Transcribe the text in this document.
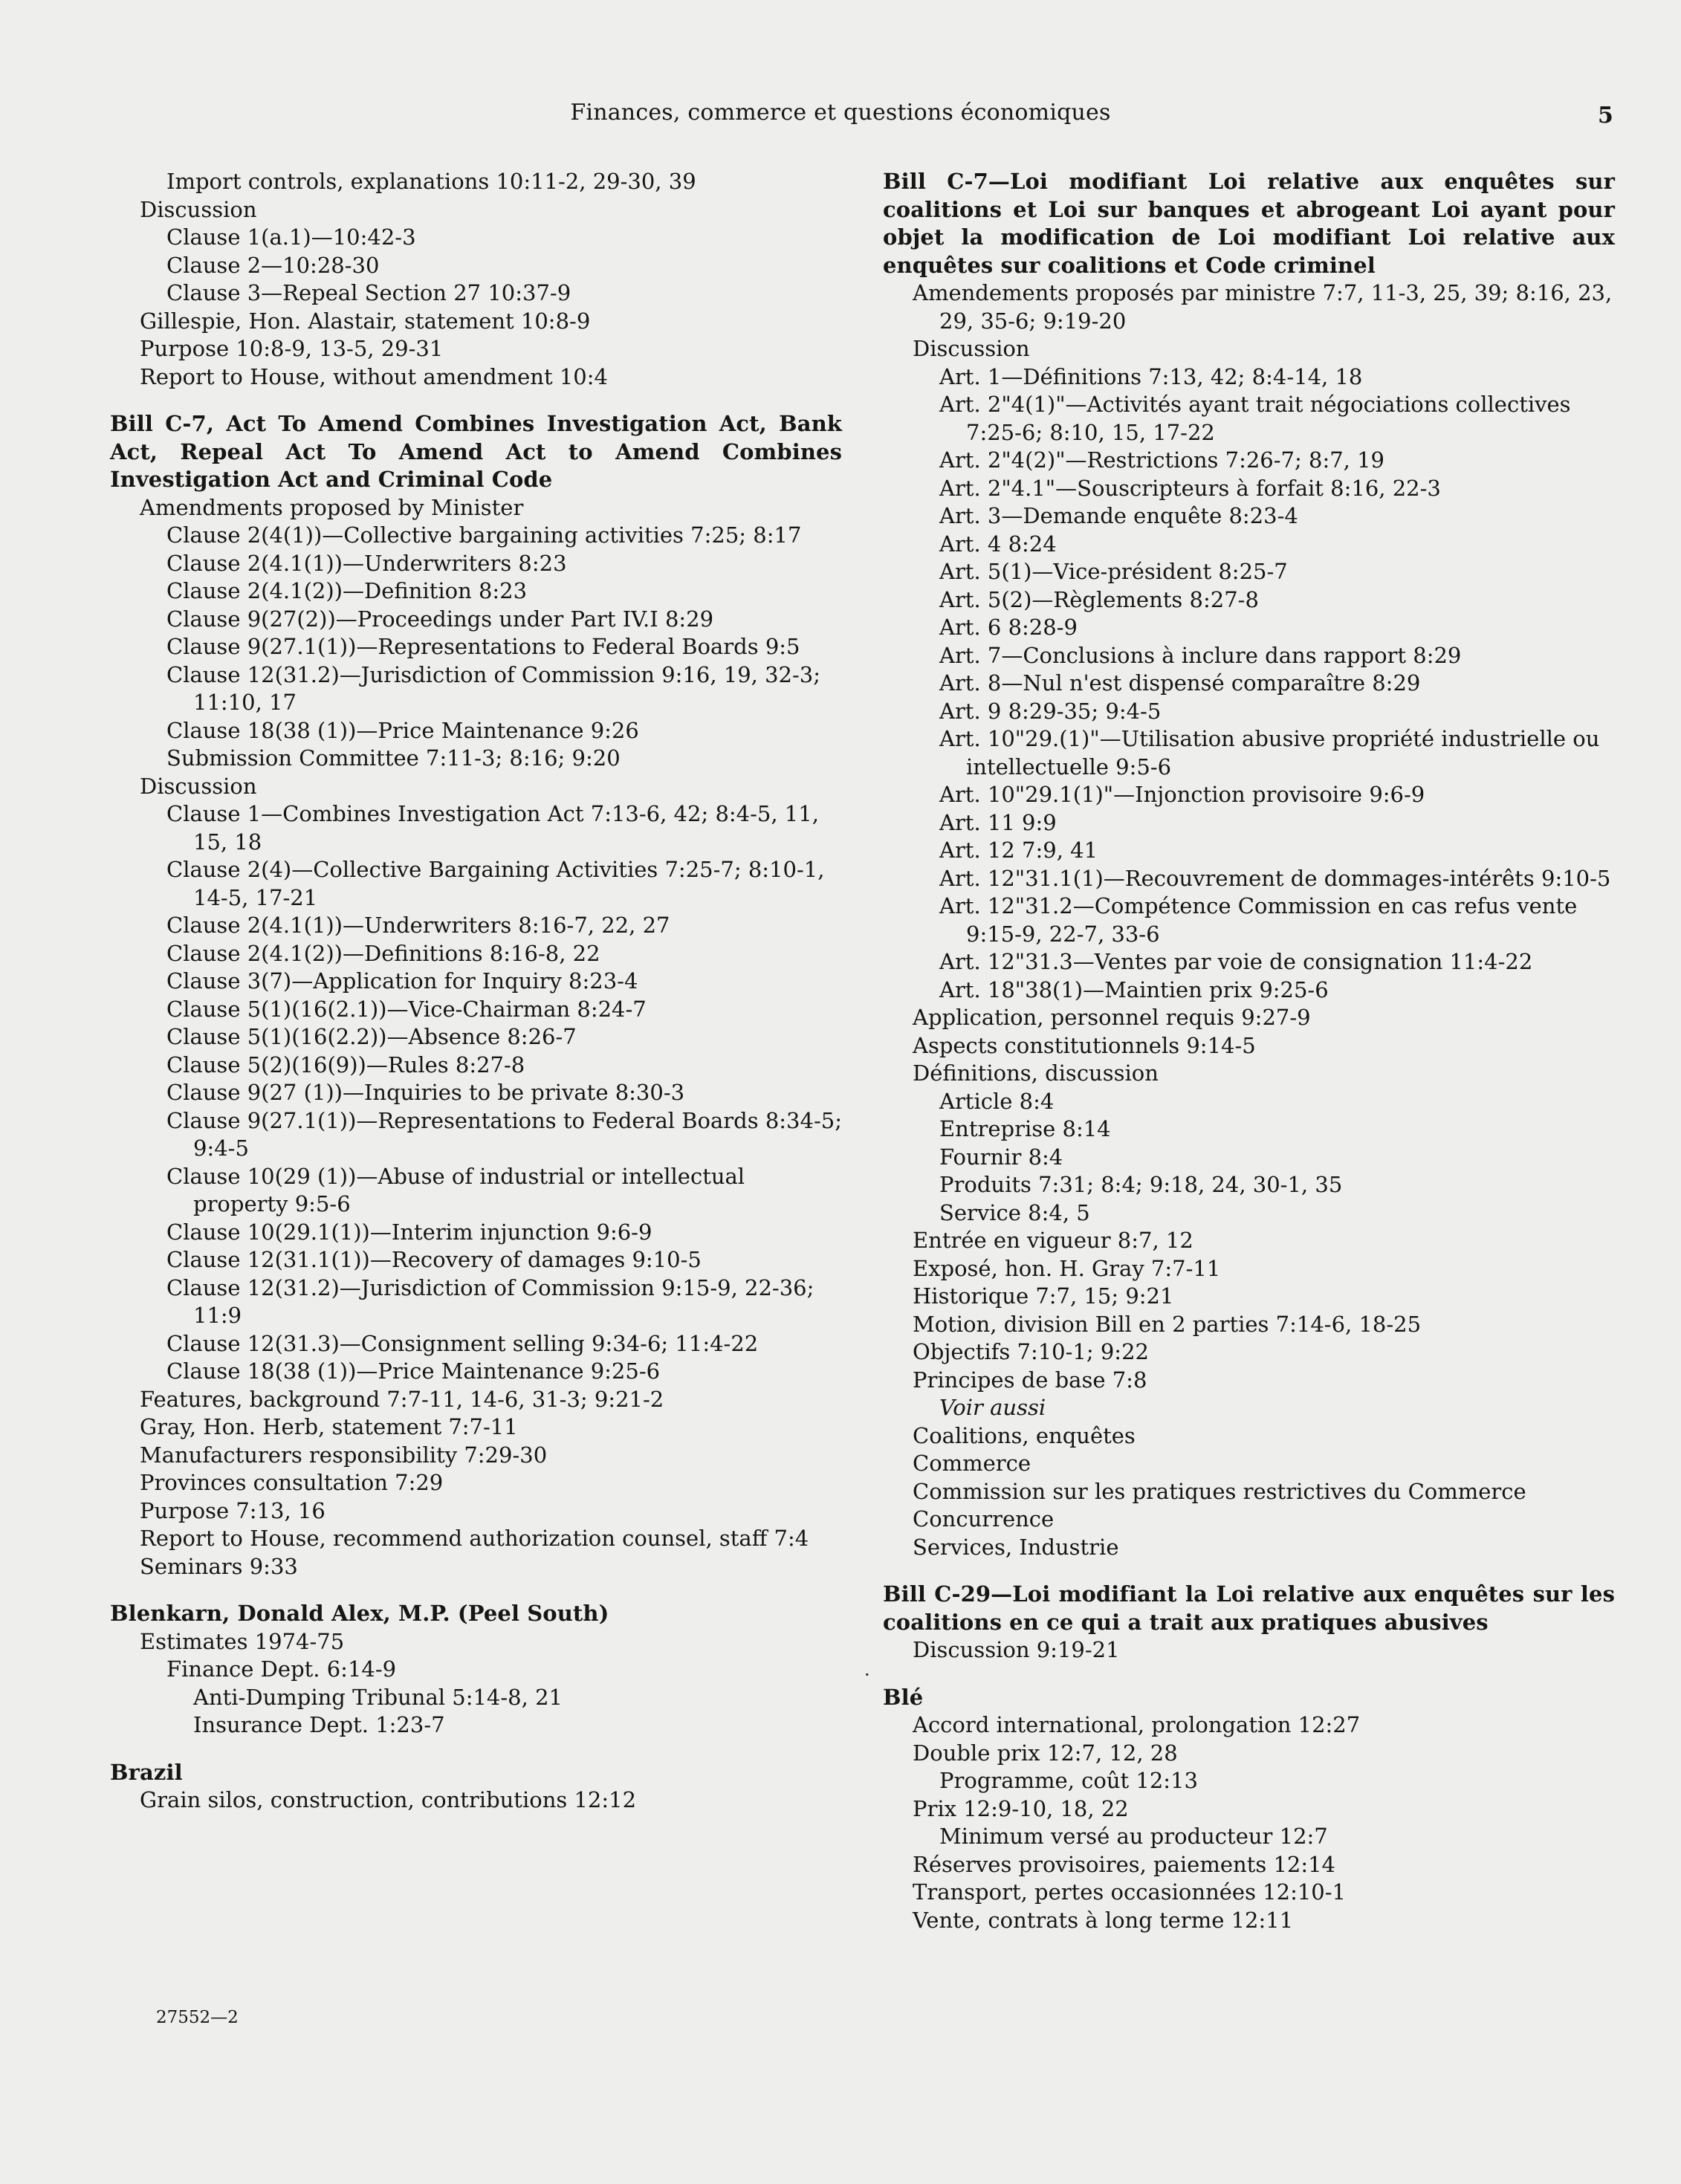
Finances, commerce et questions économiques	5
Import controls, explanations 10:11-2, 29-30, 39
Discussion
Clause 1(a.1)—10:42-3
Clause 2—10:28-30
Clause 3—Repeal Section 27 10:37-9
Gillespie, Hon. Alastair, statement 10:8-9
Purpose 10:8-9, 13-5, 29-31
Report to House, without amendment 10:4
Bill C-7, Act To Amend Combines Investigation Act, Bank Act, Repeal Act To Amend Act to Amend Combines Investigation Act and Criminal Code
Amendments proposed by Minister
Clause 2(4(1))—Collective bargaining activities 7:25; 8:17
Clause 2(4.1(1))—Underwriters 8:23
Clause 2(4.1(2))—Definition 8:23
Clause 9(27(2))—Proceedings under Part IV.I 8:29
Clause 9(27.1(1))—Representations to Federal Boards 9:5
Clause 12(31.2)—Jurisdiction of Commission 9:16, 19, 32-3; 11:10, 17
Clause 18(38 (1))—Price Maintenance 9:26
Submission Committee 7:11-3; 8:16; 9:20
Discussion
Clause 1—Combines Investigation Act 7:13-6, 42; 8:4-5, 11, 15, 18
Clause 2(4)—Collective Bargaining Activities 7:25-7; 8:10-1, 14-5, 17-21
Clause 2(4.1(1))—Underwriters 8:16-7, 22, 27
Clause 2(4.1(2))—Definitions 8:16-8, 22
Clause 3(7)—Application for Inquiry 8:23-4
Clause 5(1)(16(2.1))—Vice-Chairman 8:24-7
Clause 5(1)(16(2.2))—Absence 8:26-7
Clause 5(2)(16(9))—Rules 8:27-8
Clause 9(27 (1))—Inquiries to be private 8:30-3
Clause 9(27.1(1))—Representations to Federal Boards 8:34-5; 9:4-5
Clause 10(29 (1))—Abuse of industrial or intellectual property 9:5-6
Clause 10(29.1(1))—Interim injunction 9:6-9
Clause 12(31.1(1))—Recovery of damages 9:10-5
Clause 12(31.2)—Jurisdiction of Commission 9:15-9, 22-36; 11:9
Clause 12(31.3)—Consignment selling 9:34-6; 11:4-22
Clause 18(38 (1))—Price Maintenance 9:25-6
Features, background 7:7-11, 14-6, 31-3; 9:21-2
Gray, Hon. Herb, statement 7:7-11
Manufacturers responsibility 7:29-30
Provinces consultation 7:29
Purpose 7:13, 16
Report to House, recommend authorization counsel, staff 7:4
Seminars 9:33
Blenkarn, Donald Alex, M.P. (Peel South)
Estimates 1974-75
Finance Dept. 6:14-9
Anti-Dumping Tribunal 5:14-8, 21
Insurance Dept. 1:23-7
Brazil
Grain silos, construction, contributions 12:12
Bill C-7—Loi modifiant Loi relative aux enquêtes sur coalitions et Loi sur banques et abrogeant Loi ayant pour objet la modification de Loi modifiant Loi relative aux enquêtes sur coalitions et Code criminel
Amendements proposés par ministre 7:7, 11-3, 25, 39; 8:16, 23, 29, 35-6; 9:19-20
Discussion
Art. 1—Définitions 7:13, 42; 8:4-14, 18
Art. 2"4(1)"—Activités ayant trait négociations collectives 7:25-6; 8:10, 15, 17-22
Art. 2"4(2)"—Restrictions 7:26-7; 8:7, 19
Art. 2"4.1"—Souscripteurs à forfait 8:16, 22-3
Art. 3—Demande enquête 8:23-4
Art. 4 8:24
Art. 5(1)—Vice-président 8:25-7
Art. 5(2)—Règlements 8:27-8
Art. 6 8:28-9
Art. 7—Conclusions à inclure dans rapport 8:29
Art. 8—Nul n'est dispensé comparaître 8:29
Art. 9 8:29-35; 9:4-5
Art. 10"29.(1)"—Utilisation abusive propriété industrielle ou intellectuelle 9:5-6
Art. 10"29.1(1)"—Injonction provisoire 9:6-9
Art. 11 9:9
Art. 12 7:9, 41
Art. 12"31.1(1)—Recouvrement de dommages-intérêts 9:10-5
Art. 12"31.2—Compétence Commission en cas refus vente 9:15-9, 22-7, 33-6
Art. 12"31.3—Ventes par voie de consignation 11:4-22
Art. 18"38(1)—Maintien prix 9:25-6
Application, personnel requis 9:27-9
Aspects constitutionnels 9:14-5
Définitions, discussion
Article 8:4
Entreprise 8:14
Fournir 8:4
Produits 7:31; 8:4; 9:18, 24, 30-1, 35
Service 8:4, 5
Entrée en vigueur 8:7, 12
Exposé, hon. H. Gray 7:7-11
Historique 7:7, 15; 9:21
Motion, division Bill en 2 parties 7:14-6, 18-25
Objectifs 7:10-1; 9:22
Principes de base 7:8
Voir aussi
Coalitions, enquêtes
Commerce
Commission sur les pratiques restrictives du Commerce
Concurrence
Services, Industrie
Bill C-29—Loi modifiant la Loi relative aux enquêtes sur les coalitions en ce qui a trait aux pratiques abusives
Discussion 9:19-21
Blé
Accord international, prolongation 12:27
Double prix 12:7, 12, 28
Programme, coût 12:13
Prix 12:9-10, 18, 22
Minimum versé au producteur 12:7
Réserves provisoires, paiements 12:14
Transport, pertes occasionnées 12:10-1
Vente, contrats à long terme 12:11
·
27552—2
